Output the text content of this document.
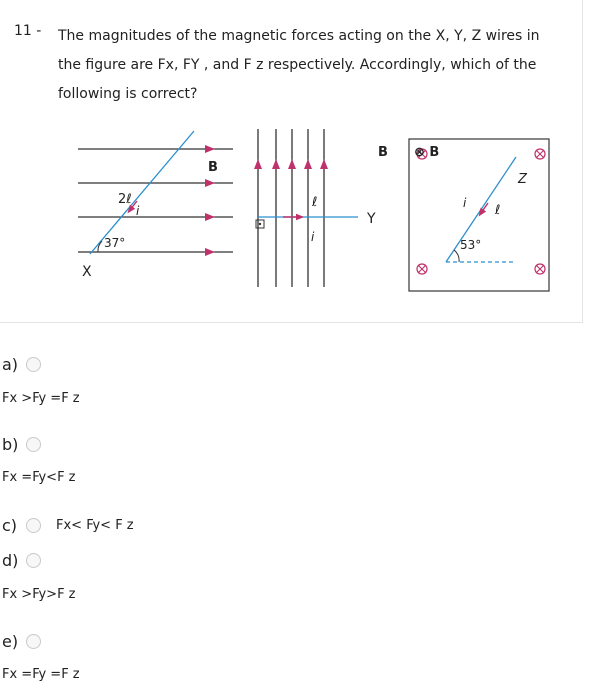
11 - The magnitudes of the magnetic forces acting on the X, Y, Z wires in
the figure are Fx, FY , and F z respectively. Accordingly, which of the
following is correct?
B
2ℓ
i
37°
X
B
ℓ
i
Y
⊗ B
i ℓ
53°
Z
a)
Fx >Fy =F z
b)
Fx =Fy<F z
c)	Fx< Fy< F z
d)
Fx >Fy>F z
e)
Fx =Fy =F z
